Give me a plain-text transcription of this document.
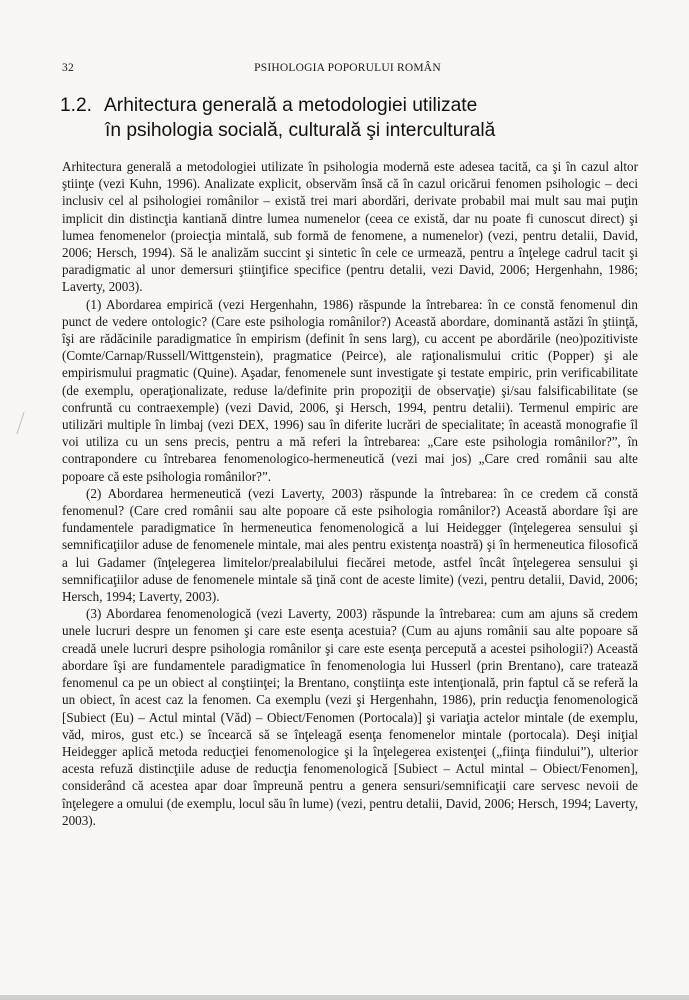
32	PSIHOLOGIA POPORULUI ROMÂN
1.2. Arhitectura generală a metodologiei utilizate
în psihologia socială, culturală şi interculturală

Arhitectura generală a metodologiei utilizate în psihologia modernă este adesea tacită, ca şi în cazul altor ştiinţe (vezi Kuhn, 1996). Analizate explicit, observăm însă că în cazul oricărui fenomen psihologic – deci inclusiv cel al psihologiei românilor – există trei mari abordări, derivate probabil mai mult sau mai puţin implicit din distincţia kantiană dintre lumea numenelor (ceea ce există, dar nu poate fi cunoscut direct) şi lumea fenomenelor (proiecţia mintală, sub formă de fenomene, a numenelor) (vezi, pentru detalii, David, 2006; Hersch, 1994). Să le analizăm succint şi sintetic în cele ce urmează, pentru a înţelege cadrul tacit şi paradigmatic al unor demersuri ştiinţifice specifice (pentru detalii, vezi David, 2006; Hergenhahn, 1986; Laverty, 2003).

(1) Abordarea empirică (vezi Hergenhahn, 1986) răspunde la întrebarea: în ce constă fenomenul din punct de vedere ontologic? (Care este psihologia românilor?) Această abordare, dominantă astăzi în ştiinţă, îşi are rădăcinile paradigmatice în empirism (definit în sens larg), cu accent pe abordările (neo)pozitiviste (Comte/Carnap/Russell/Wittgenstein), pragmatice (Peirce), ale raţionalismului critic (Popper) şi ale empirismului pragmatic (Quine). Aşadar, fenomenele sunt investigate şi testate empiric, prin verificabilitate (de exemplu, operaţionalizate, reduse la/definite prin propoziţii de observaţie) şi/sau falsificabilitate (se confruntă cu contraexemple) (vezi David, 2006, şi Hersch, 1994, pentru detalii). Termenul empiric are utilizări multiple în limbaj (vezi DEX, 1996) sau în diferite lucrări de specialitate; în această monografie îl voi utiliza cu un sens precis, pentru a mă referi la întrebarea: „Care este psihologia românilor?”, în contrapondere cu întrebarea fenomenologico-hermeneutică (vezi mai jos) „Care cred românii sau alte popoare că este psihologia românilor?”.

(2) Abordarea hermeneutică (vezi Laverty, 2003) răspunde la întrebarea: în ce credem că constă fenomenul? (Care cred românii sau alte popoare că este psihologia românilor?) Această abordare îşi are fundamentele paradigmatice în hermeneutica fenomenologică a lui Heidegger (înţelegerea sensului şi semnificaţiilor aduse de fenomenele mintale, mai ales pentru existenţa noastră) şi în hermeneutica filosofică a lui Gadamer (înţelegerea limitelor/prealabilului fiecărei metode, astfel încât înţelegerea sensului şi semnificaţiilor aduse de fenomenele mintale să ţină cont de aceste limite) (vezi, pentru detalii, David, 2006; Hersch, 1994; Laverty, 2003).

(3) Abordarea fenomenologică (vezi Laverty, 2003) răspunde la întrebarea: cum am ajuns să credem unele lucruri despre un fenomen şi care este esenţa acestuia? (Cum au ajuns românii sau alte popoare să creadă unele lucruri despre psihologia românilor şi care este esenţa percepută a acestei psihologii?) Această abordare îşi are fundamentele paradigmatice în fenomenologia lui Husserl (prin Brentano), care tratează fenomenul ca pe un obiect al conştiinţei; la Brentano, conştiinţa este intenţională, prin faptul că se referă la un obiect, în acest caz la fenomen. Ca exemplu (vezi şi Hergenhahn, 1986), prin reducţia fenomenologică [Subiect (Eu) – Actul mintal (Văd) – Obiect/Fenomen (Portocala)] şi variaţia actelor mintale (de exemplu, văd, miros, gust etc.) se încearcă să se înţeleagă esenţa fenomenelor mintale (portocala). Deşi iniţial Heidegger aplică metoda reducţiei fenomenologice şi la înţelegerea existenţei („fiinţa fiindului”), ulterior acesta refuză distincţiile aduse de reducţia fenomenologică [Subiect – Actul mintal – Obiect/Fenomen], considerând că acestea apar doar împreună pentru a genera sensuri/semnificaţii care servesc nevoii de înţelegere a omului (de exemplu, locul său în lume) (vezi, pentru detalii, David, 2006; Hersch, 1994; Laverty, 2003).
